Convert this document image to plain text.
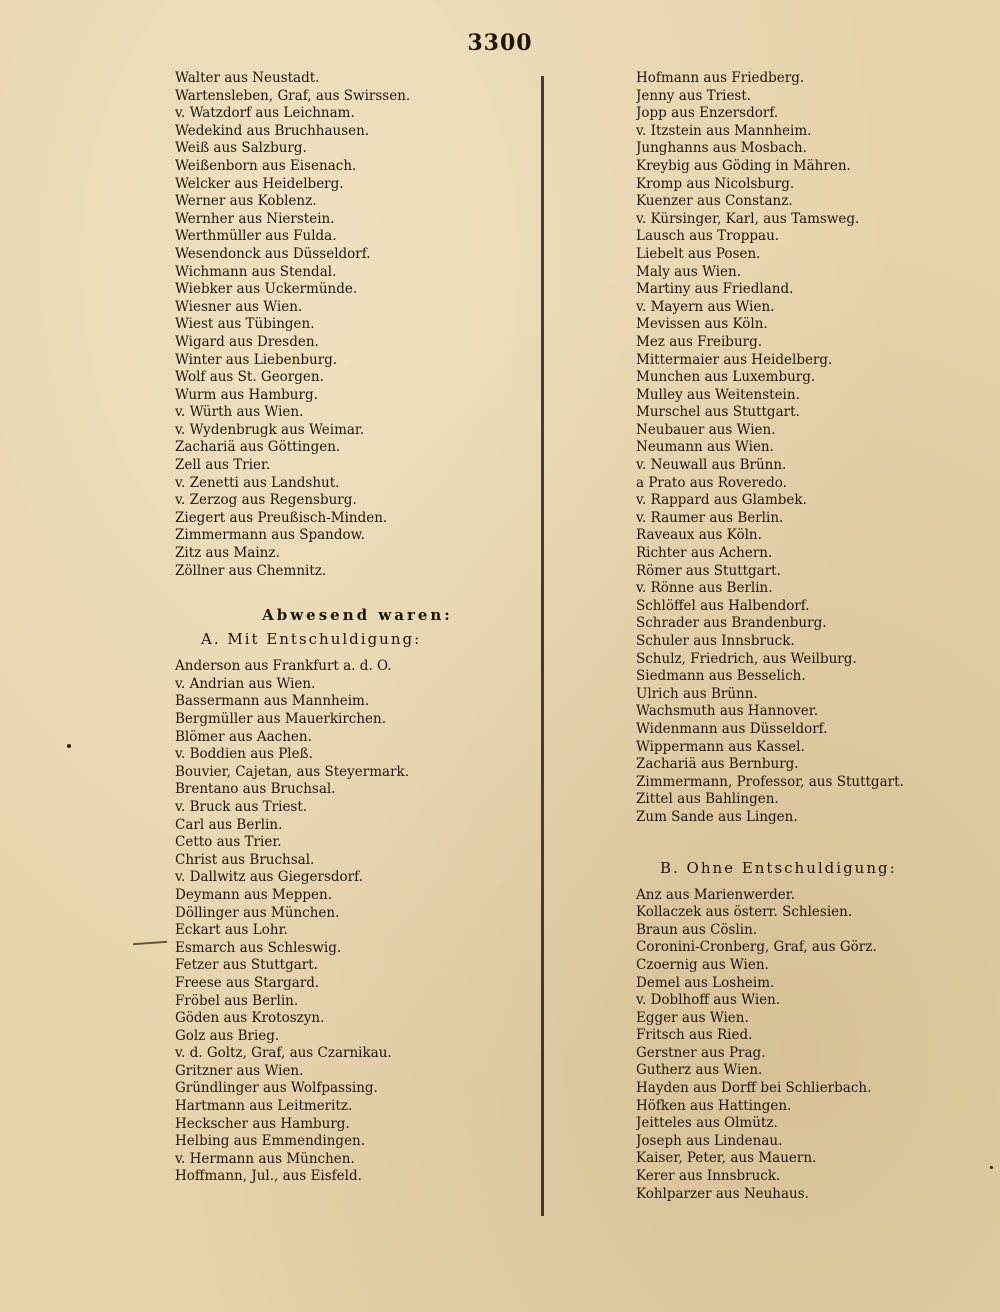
3300
Walter aus Neustadt.
Wartensleben, Graf, aus Swirssen.
v. Watzdorf aus Leichnam.
Wedekind aus Bruchhausen.
Weiß aus Salzburg.
Weißenborn aus Eisenach.
Welcker aus Heidelberg.
Werner aus Koblenz.
Wernher aus Nierstein.
Werthmüller aus Fulda.
Wesendonck aus Düsseldorf.
Wichmann aus Stendal.
Wiebker aus Uckermünde.
Wiesner aus Wien.
Wiest aus Tübingen.
Wigard aus Dresden.
Winter aus Liebenburg.
Wolf aus St. Georgen.
Wurm aus Hamburg.
v. Würth aus Wien.
v. Wydenbrugk aus Weimar.
Zachariä aus Göttingen.
Zell aus Trier.
v. Zenetti aus Landshut.
v. Zerzog aus Regensburg.
Ziegert aus Preußisch-Minden.
Zimmermann aus Spandow.
Zitz aus Mainz.
Zöllner aus Chemnitz.
Abwesend waren:
A. Mit Entschuldigung:
Anderson aus Frankfurt a. d. O.
v. Andrian aus Wien.
Bassermann aus Mannheim.
Bergmüller aus Mauerkirchen.
Blömer aus Aachen.
v. Boddien aus Pleß.
Bouvier, Cajetan, aus Steyermark.
Brentano aus Bruchsal.
v. Bruck aus Triest.
Carl aus Berlin.
Cetto aus Trier.
Christ aus Bruchsal.
v. Dallwitz aus Giegersdorf.
Deymann aus Meppen.
Döllinger aus München.
Eckart aus Lohr.
Esmarch aus Schleswig.
Fetzer aus Stuttgart.
Freese aus Stargard.
Fröbel aus Berlin.
Göden aus Krotoszyn.
Golz aus Brieg.
v. d. Goltz, Graf, aus Czarnikau.
Gritzner aus Wien.
Gründlinger aus Wolfpassing.
Hartmann aus Leitmeritz.
Heckscher aus Hamburg.
Helbing aus Emmendingen.
v. Hermann aus München.
Hoffmann, Jul., aus Eisfeld.
Hofmann aus Friedberg.
Jenny aus Triest.
Jopp aus Enzersdorf.
v. Itzstein aus Mannheim.
Junghanns aus Mosbach.
Kreybig aus Göding in Mähren.
Kromp aus Nicolsburg.
Kuenzer aus Constanz.
v. Kürsinger, Karl, aus Tamsweg.
Lausch aus Troppau.
Liebelt aus Posen.
Maly aus Wien.
Martiny aus Friedland.
v. Mayern aus Wien.
Mevissen aus Köln.
Mez aus Freiburg.
Mittermaier aus Heidelberg.
Munchen aus Luxemburg.
Mulley aus Weitenstein.
Murschel aus Stuttgart.
Neubauer aus Wien.
Neumann aus Wien.
v. Neuwall aus Brünn.
a Prato aus Roveredo.
v. Rappard aus Glambek.
v. Raumer aus Berlin.
Raveaux aus Köln.
Richter aus Achern.
Römer aus Stuttgart.
v. Rönne aus Berlin.
Schlöffel aus Halbendorf.
Schrader aus Brandenburg.
Schuler aus Innsbruck.
Schulz, Friedrich, aus Weilburg.
Siedmann aus Besselich.
Ulrich aus Brünn.
Wachsmuth aus Hannover.
Widenmann aus Düsseldorf.
Wippermann aus Kassel.
Zachariä aus Bernburg.
Zimmermann, Professor, aus Stuttgart.
Zittel aus Bahlingen.
Zum Sande aus Lingen.
B. Ohne Entschuldigung:
Anz aus Marienwerder.
Kollaczek aus österr. Schlesien.
Braun aus Cöslin.
Coronini-Cronberg, Graf, aus Görz.
Czoernig aus Wien.
Demel aus Losheim.
v. Doblhoff aus Wien.
Egger aus Wien.
Fritsch aus Ried.
Gerstner aus Prag.
Gutherz aus Wien.
Hayden aus Dorff bei Schlierbach.
Höfken aus Hattingen.
Jeitteles aus Olmütz.
Joseph aus Lindenau.
Kaiser, Peter, aus Mauern.
Kerer aus Innsbruck.
Kohlparzer aus Neuhaus.
